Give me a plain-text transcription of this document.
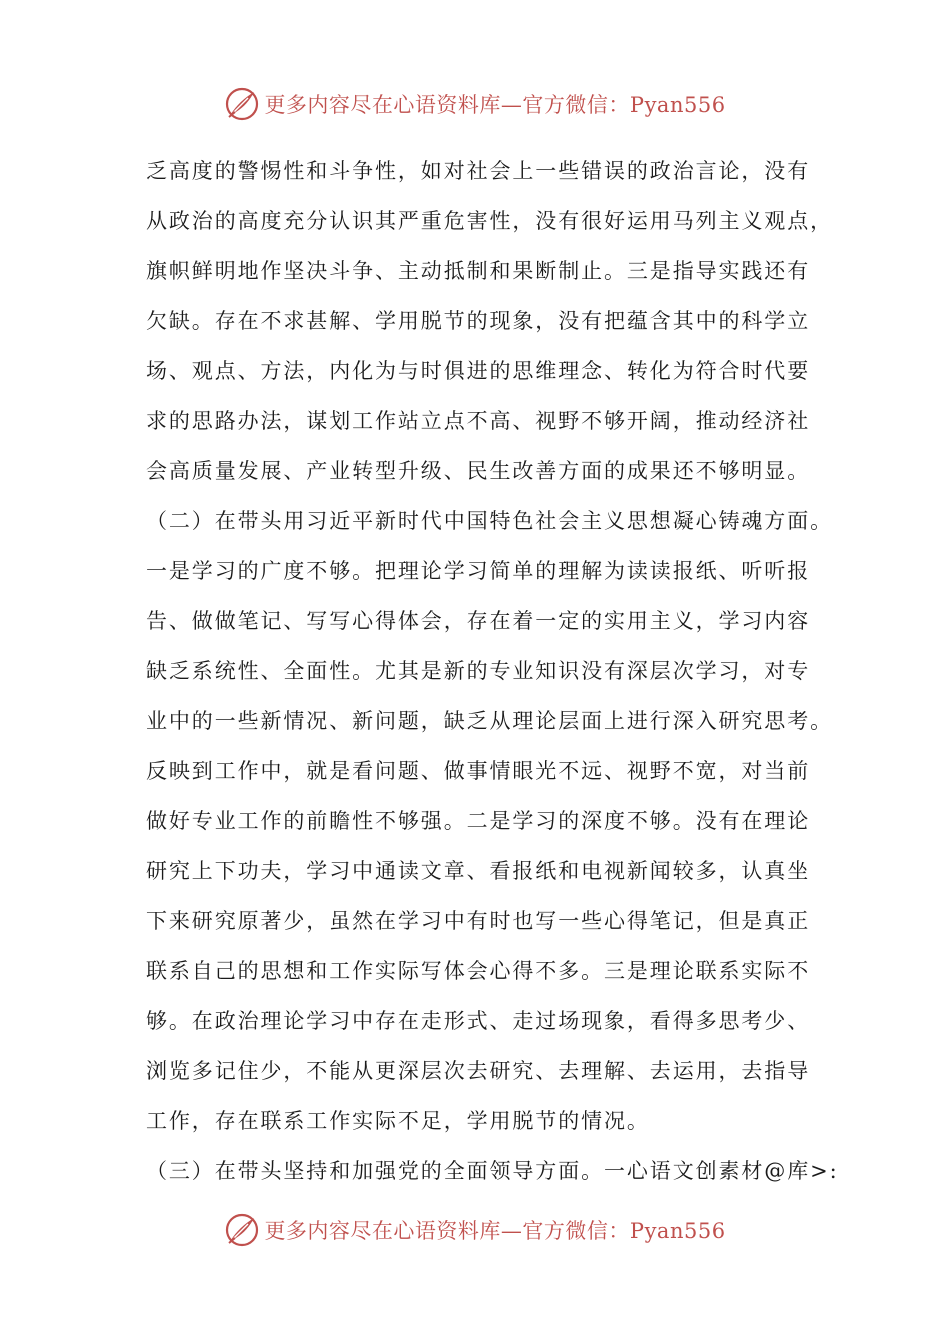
更多内容尽在心语资料库—官方微信：Pyan556
乏高度的警惕性和斗争性，如对社会上一些错误的政治言论，没有
从政治的高度充分认识其严重危害性，没有很好运用马列主义观点，
旗帜鲜明地作坚决斗争、主动抵制和果断制止。三是指导实践还有
欠缺。存在不求甚解、学用脱节的现象，没有把蕴含其中的科学立
场、观点、方法，内化为与时俱进的思维理念、转化为符合时代要
求的思路办法，谋划工作站立点不高、视野不够开阔，推动经济社
会高质量发展、产业转型升级、民生改善方面的成果还不够明显。
（二）在带头用习近平新时代中国特色社会主义思想凝心铸魂方面。
一是学习的广度不够。把理论学习简单的理解为读读报纸、听听报
告、做做笔记、写写心得体会，存在着一定的实用主义，学习内容
缺乏系统性、全面性。尤其是新的专业知识没有深层次学习，对专
业中的一些新情况、新问题，缺乏从理论层面上进行深入研究思考。
反映到工作中，就是看问题、做事情眼光不远、视野不宽，对当前
做好专业工作的前瞻性不够强。二是学习的深度不够。没有在理论
研究上下功夫，学习中通读文章、看报纸和电视新闻较多，认真坐
下来研究原著少，虽然在学习中有时也写一些心得笔记，但是真正
联系自己的思想和工作实际写体会心得不多。三是理论联系实际不
够。在政治理论学习中存在走形式、走过场现象，看得多思考少、
浏览多记住少，不能从更深层次去研究、去理解、去运用，去指导
工作，存在联系工作实际不足，学用脱节的情况。
（三）在带头坚持和加强党的全面领导方面。一心语文创素材@库>:
更多内容尽在心语资料库—官方微信：Pyan556
